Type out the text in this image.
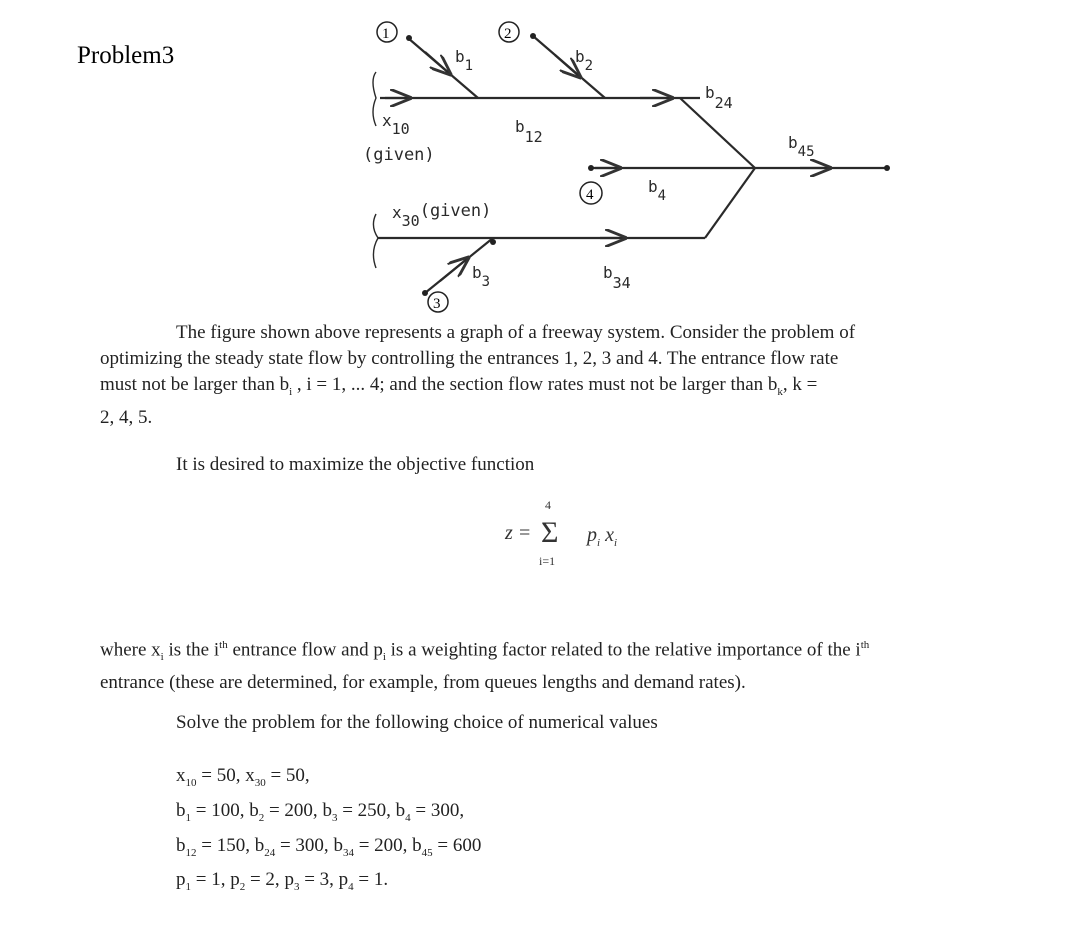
Problem3
1	2
3
4
b1	b2
b12
b24
b45
b4
b3	b34
x10
(given)
x30(given)
The figure shown above represents a graph of a freeway system. Consider the problem of
optimizing the steady state flow by controlling the entrances 1, 2, 3 and 4. The entrance flow rate
must not be larger than $b_i$ , i = 1, ... 4; and the section flow rates must not be larger than $b_k$, k =
2, 4, 5.
It is desired to maximize the objective function
4
z = Σ
i=1
$p_i$ $x_i$
where $x_i$ is the $i^{th}$ entrance flow and $p_i$ is a weighting factor related to the relative importance of the $i^{th}$
entrance (these are determined, for example, from queues lengths and demand rates).
Solve the problem for the following choice of numerical values
$x_{10} = 50$, $x_{30} = 50$,
$b_1 = 100$, $b_2 = 200$, $b_3 = 250$, $b_4 = 300$,
$b_{12} = 150$, $b_{24} = 300$, $b_{34} = 200$, $b_{45} = 600$
$p_1 = 1$, $p_2 = 2$, $p_3 = 3$, $p_4 = 1$.
